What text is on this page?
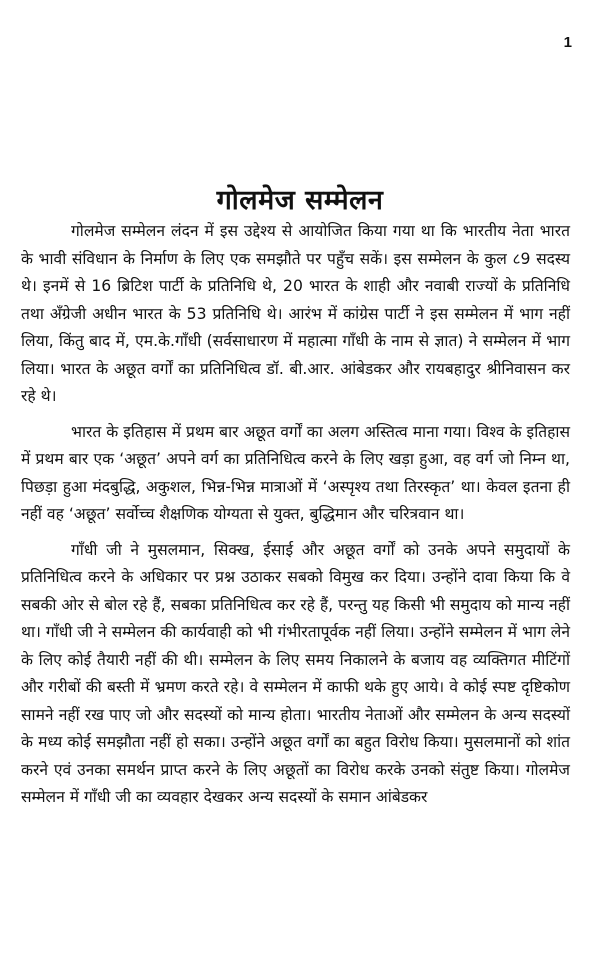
1
गोलमेज सम्मेलन

गोलमेज सम्मेलन लंदन में इस उद्देश्य से आयोजित किया गया था कि भारतीय नेता भारत के भावी संविधान के निर्माण के लिए एक समझौते पर पहुँच सकें। इस सम्मेलन के कुल ८9 सदस्य थे। इनमें से 16 ब्रिटिश पार्टी के प्रतिनिधि थे, 20 भारत के शाही और नवाबी राज्यों के प्रतिनिधि तथा अँग्रेजी अधीन भारत के 53 प्रतिनिधि थे। आरंभ में कांग्रेस पार्टी ने इस सम्मेलन में भाग नहीं लिया, किंतु बाद में, एम.के.गाँधी (सर्वसाधारण में महात्मा गाँधी के नाम से ज्ञात) ने सम्मेलन में भाग लिया। भारत के अछूत वर्गों का प्रतिनिधित्व डॉ. बी.आर. आंबेडकर और रायबहादुर श्रीनिवासन कर रहे थे।

भारत के इतिहास में प्रथम बार अछूत वर्गों का अलग अस्तित्व माना गया। विश्व के इतिहास में प्रथम बार एक ‘अछूत’ अपने वर्ग का प्रतिनिधित्व करने के लिए खड़ा हुआ, वह वर्ग जो निम्न था, पिछड़ा हुआ मंदबुद्धि, अकुशल, भिन्न-भिन्न मात्राओं में ‘अस्पृश्य तथा तिरस्कृत’ था। केवल इतना ही नहीं वह ‘अछूत’ सर्वोच्च शैक्षणिक योग्यता से युक्त, बुद्धिमान और चरित्रवान था।

गाँधी जी ने मुसलमान, सिक्ख, ईसाई और अछूत वर्गों को उनके अपने समुदायों के प्रतिनिधित्व करने के अधिकार पर प्रश्न उठाकर सबको विमुख कर दिया। उन्होंने दावा किया कि वे सबकी ओर से बोल रहे हैं, सबका प्रतिनिधित्व कर रहे हैं, परन्तु यह किसी भी समुदाय को मान्य नहीं था। गाँधी जी ने सम्मेलन की कार्यवाही को भी गंभीरतापूर्वक नहीं लिया। उन्होंने सम्मेलन में भाग लेने के लिए कोई तैयारी नहीं की थी। सम्मेलन के लिए समय निकालने के बजाय वह व्यक्तिगत मीटिंगों और गरीबों की बस्ती में भ्रमण करते रहे। वे सम्मेलन में काफी थके हुए आये। वे कोई स्पष्ट दृष्टिकोण सामने नहीं रख पाए जो और सदस्यों को मान्य होता। भारतीय नेताओं और सम्मेलन के अन्य सदस्यों के मध्य कोई समझौता नहीं हो सका। उन्होंने अछूत वर्गों का बहुत विरोध किया। मुसलमानों को शांत करने एवं उनका समर्थन प्राप्त करने के लिए अछूतों का विरोध करके उनको संतुष्ट किया। गोलमेज सम्मेलन में गाँधी जी का व्यवहार देखकर अन्य सदस्यों के समान आंबेडकर
